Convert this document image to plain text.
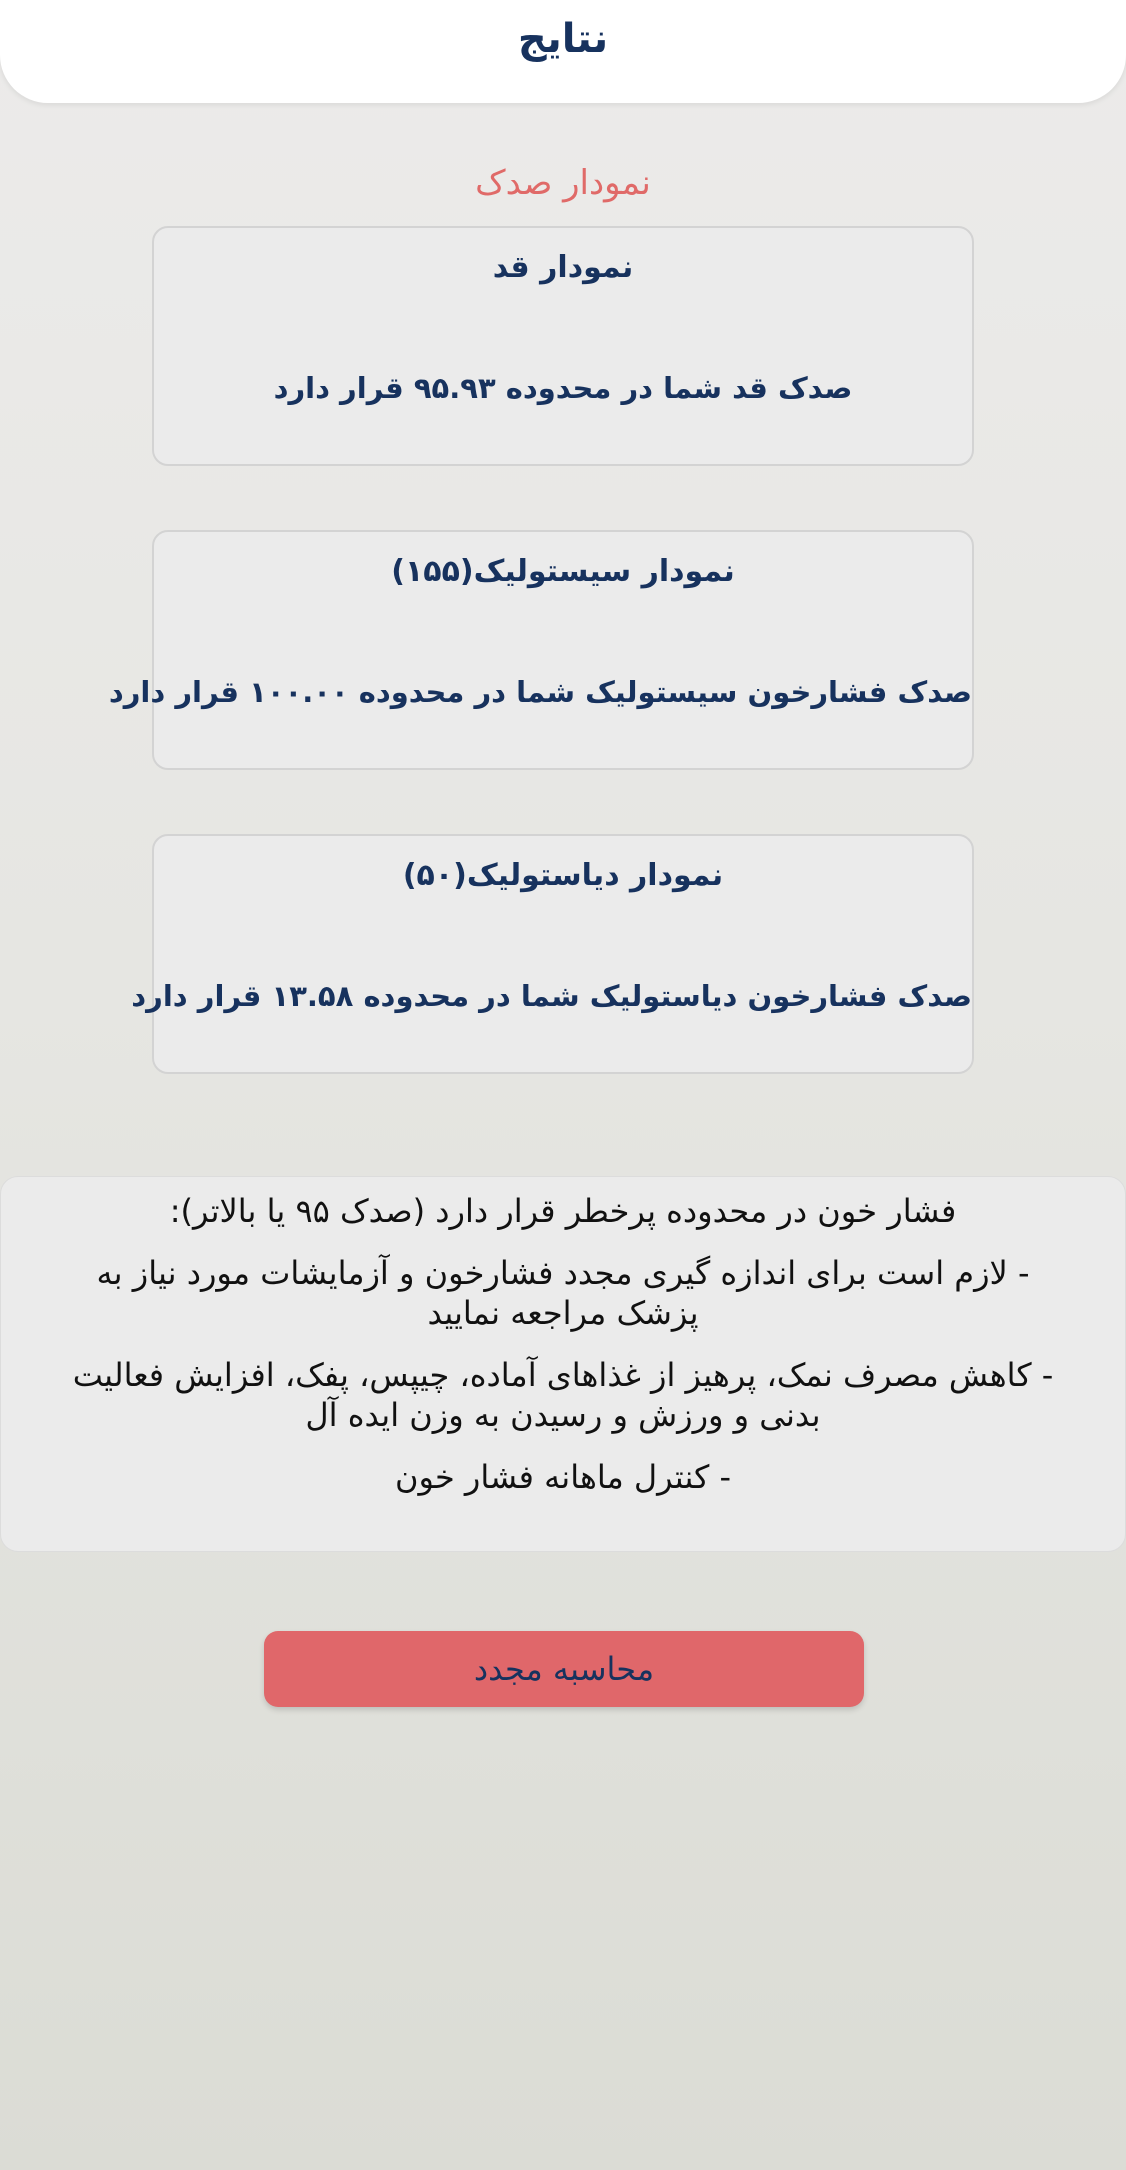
نتایج
نمودار صدک
نمودار قد
صدک قد شما در محدوده ۹۵.۹۳ قرار دارد
نمودار سیستولیک(۱۵۵)
صدک فشارخون سیستولیک شما در محدوده ۱۰۰.۰۰ قرار دارد
نمودار دیاستولیک(۵۰)
صدک فشارخون دیاستولیک شما در محدوده ۱۳.۵۸ قرار دارد

فشار خون در محدوده پرخطر قرار دارد (صدک ۹۵ یا بالاتر):

- لازم است برای اندازه گیری مجدد فشارخون و آزمایشات مورد نیاز به پزشک مراجعه نمایید

- کاهش مصرف نمک، پرهیز از غذاهای آماده، چیپس، پفک، افزایش فعالیت بدنی و ورزش و رسیدن به وزن ایده آل

- کنترل ماهانه فشار خون

محاسبه مجدد
